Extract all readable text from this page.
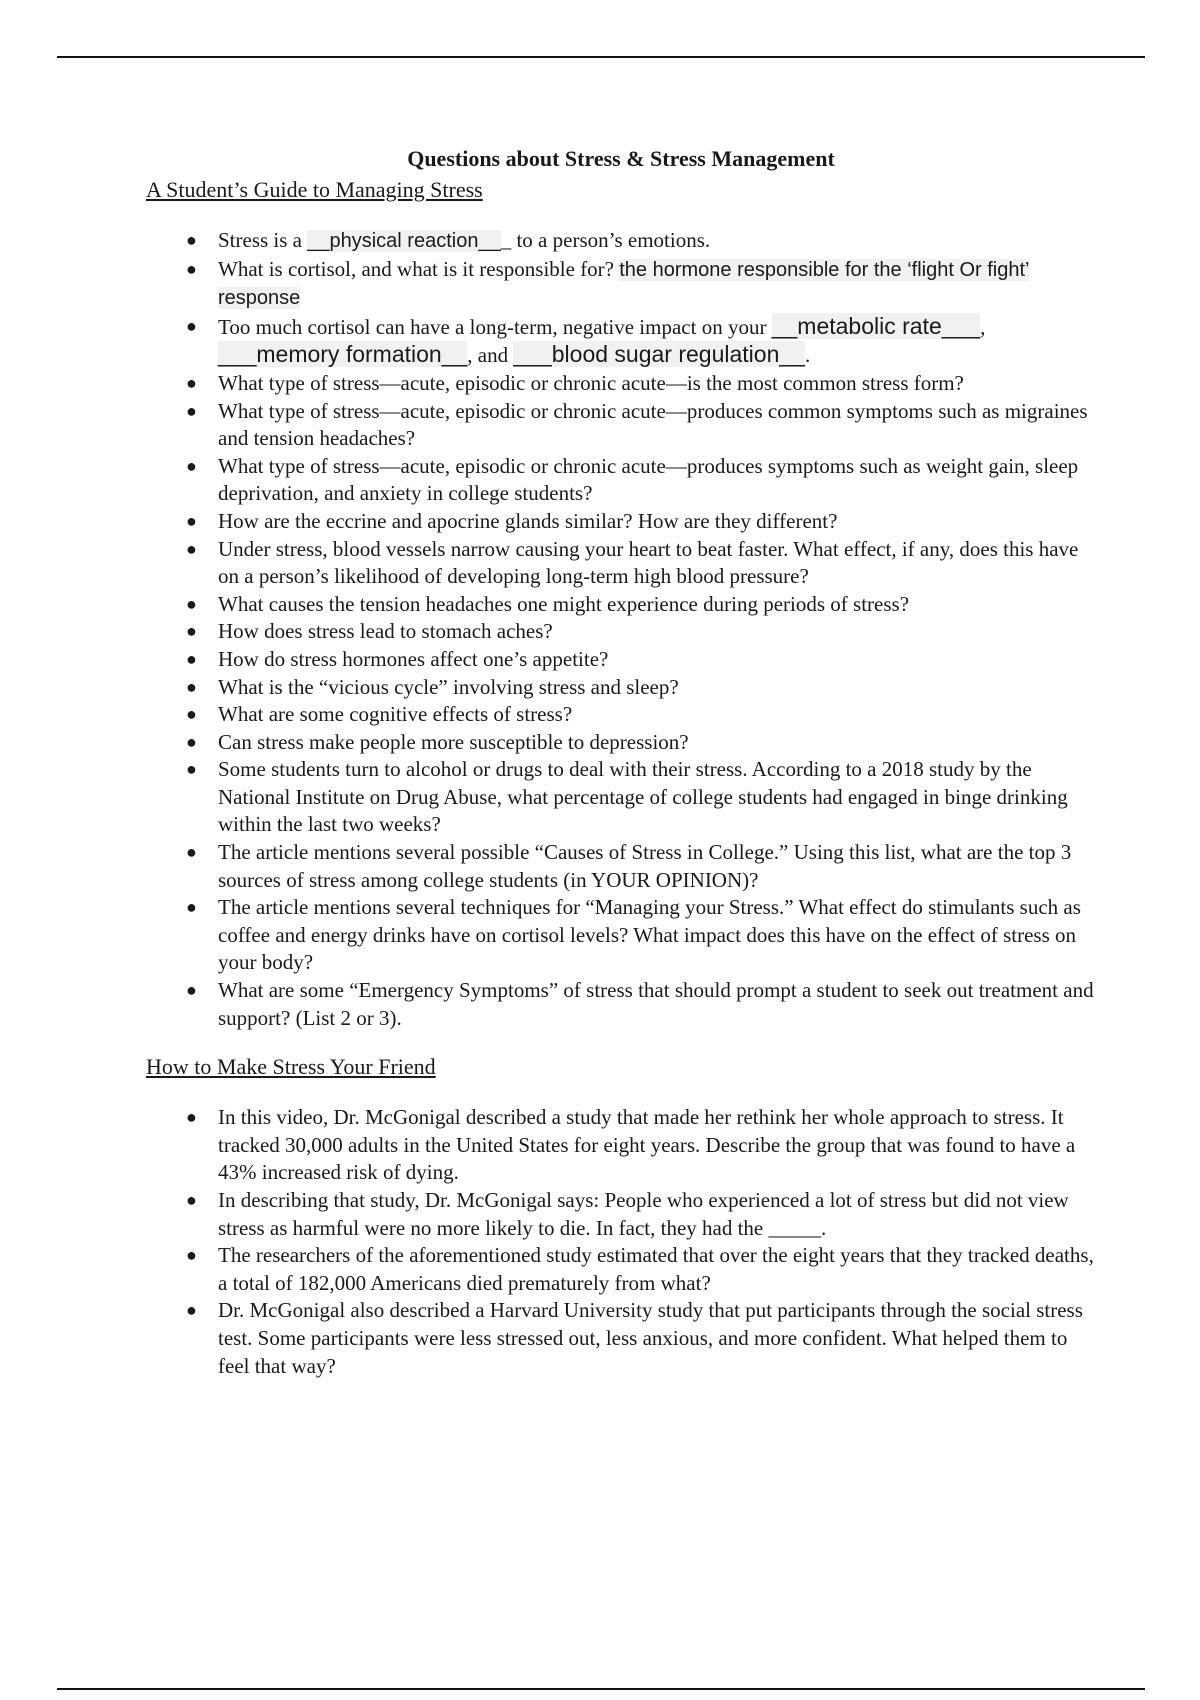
Questions about Stress & Stress Management

A Student’s Guide to Managing Stress

● Stress is a __physical reaction___ to a person’s emotions.
● What is cortisol, and what is it responsible for? the hormone responsible for the ‘flight Or fight’ response
● Too much cortisol can have a long-term, negative impact on your __metabolic rate___, ___memory formation__, and ___blood sugar regulation__.
● What type of stress—acute, episodic or chronic acute—is the most common stress form?
● What type of stress—acute, episodic or chronic acute—produces common symptoms such as migraines and tension headaches?
● What type of stress—acute, episodic or chronic acute—produces symptoms such as weight gain, sleep deprivation, and anxiety in college students?
● How are the eccrine and apocrine glands similar? How are they different?
● Under stress, blood vessels narrow causing your heart to beat faster. What effect, if any, does this have on a person’s likelihood of developing long-term high blood pressure?
● What causes the tension headaches one might experience during periods of stress?
● How does stress lead to stomach aches?
● How do stress hormones affect one’s appetite?
● What is the “vicious cycle” involving stress and sleep?
● What are some cognitive effects of stress?
● Can stress make people more susceptible to depression?
● Some students turn to alcohol or drugs to deal with their stress. According to a 2018 study by the National Institute on Drug Abuse, what percentage of college students had engaged in binge drinking within the last two weeks?
● The article mentions several possible “Causes of Stress in College.” Using this list, what are the top 3 sources of stress among college students (in YOUR OPINION)?
● The article mentions several techniques for “Managing your Stress.” What effect do stimulants such as coffee and energy drinks have on cortisol levels? What impact does this have on the effect of stress on your body?
● What are some “Emergency Symptoms” of stress that should prompt a student to seek out treatment and support? (List 2 or 3).

How to Make Stress Your Friend

● In this video, Dr. McGonigal described a study that made her rethink her whole approach to stress. It tracked 30,000 adults in the United States for eight years. Describe the group that was found to have a 43% increased risk of dying.
● In describing that study, Dr. McGonigal says: People who experienced a lot of stress but did not view stress as harmful were no more likely to die. In fact, they had the _____.
● The researchers of the aforementioned study estimated that over the eight years that they tracked deaths, a total of 182,000 Americans died prematurely from what?
● Dr. McGonigal also described a Harvard University study that put participants through the social stress test. Some participants were less stressed out, less anxious, and more confident. What helped them to feel that way?
